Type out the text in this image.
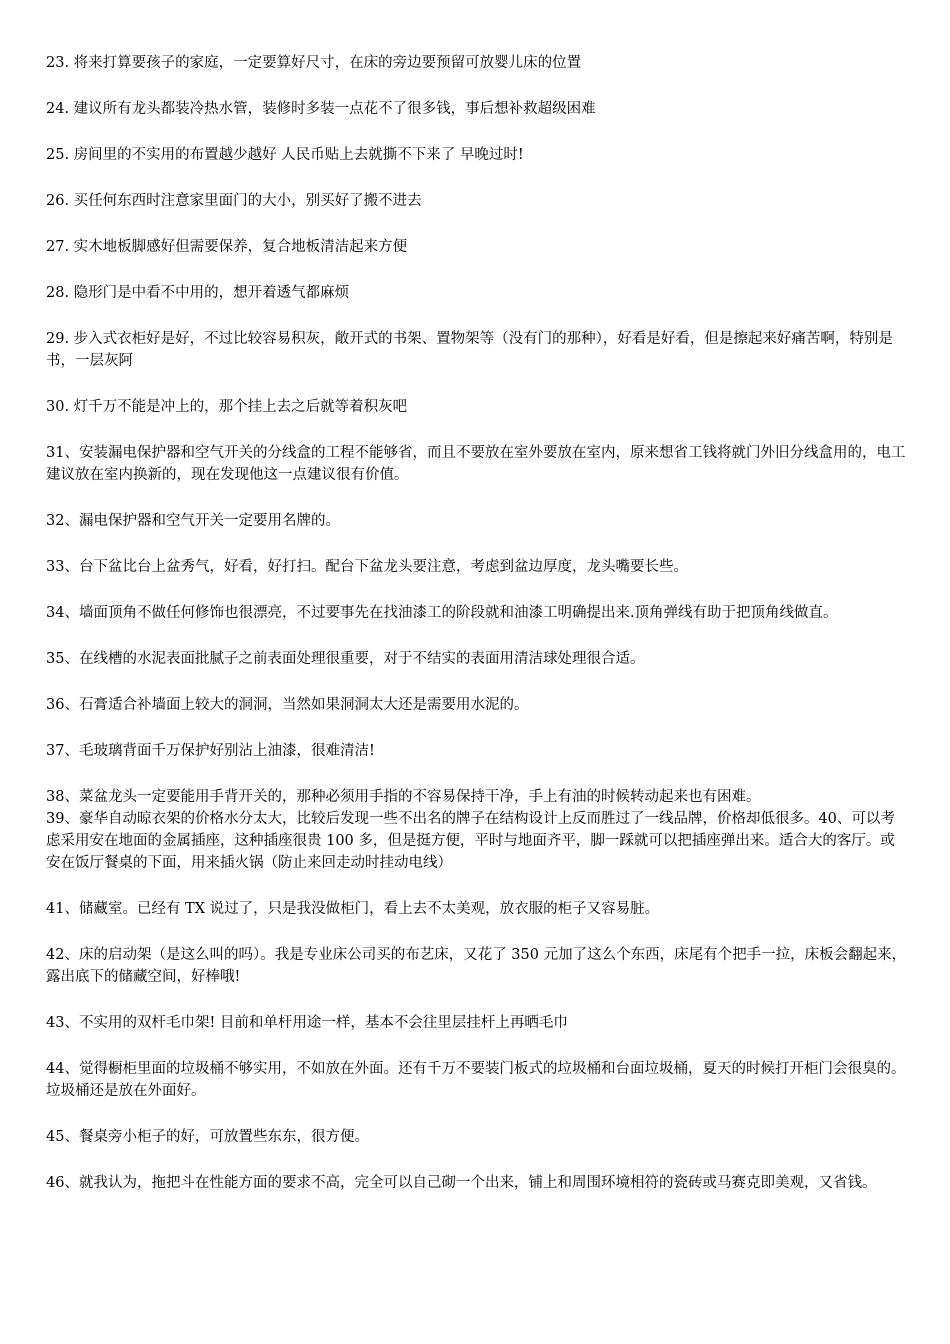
23. 将来打算要孩子的家庭，一定要算好尺寸，在床的旁边要预留可放婴儿床的位置

24. 建议所有龙头都装冷热水管，装修时多装一点花不了很多钱，事后想补救超级困难

25. 房间里的不实用的布置越少越好 人民币贴上去就撕不下来了 早晚过时!

26. 买任何东西时注意家里面门的大小，别买好了搬不进去

27. 实木地板脚感好但需要保养，复合地板清洁起来方便

28. 隐形门是中看不中用的，想开着透气都麻烦

29. 步入式衣柜好是好，不过比较容易积灰，敞开式的书架、置物架等（没有门的那种），好看是好看，但是擦起来好痛苦啊，特别是书，一层灰阿

30. 灯千万不能是冲上的，那个挂上去之后就等着积灰吧

31、安装漏电保护器和空气开关的分线盒的工程不能够省，而且不要放在室外要放在室内，原来想省工钱将就门外旧分线盒用的，电工建议放在室内换新的，现在发现他这一点建议很有价值。

32、漏电保护器和空气开关一定要用名牌的。

33、台下盆比台上盆秀气，好看，好打扫。配台下盆龙头要注意，考虑到盆边厚度，龙头嘴要长些。

34、墙面顶角不做任何修饰也很漂亮，不过要事先在找油漆工的阶段就和油漆工明确提出来.顶角弹线有助于把顶角线做直。

35、在线槽的水泥表面批腻子之前表面处理很重要，对于不结实的表面用清洁球处理很合适。

36、石膏适合补墙面上较大的洞洞，当然如果洞洞太大还是需要用水泥的。

37、毛玻璃背面千万保护好别沾上油漆，很难清洁!

38、菜盆龙头一定要能用手背开关的，那种必须用手指的不容易保持干净，手上有油的时候转动起来也有困难。

39、豪华自动晾衣架的价格水分太大，比较后发现一些不出名的牌子在结构设计上反而胜过了一线品牌，价格却低很多。40、可以考虑采用安在地面的金属插座，这种插座很贵 100 多，但是挺方便，平时与地面齐平，脚一踩就可以把插座弹出来。适合大的客厅。或安在饭厅餐桌的下面，用来插火锅（防止来回走动时挂动电线）

41、储藏室。已经有 TX 说过了，只是我没做柜门，看上去不太美观，放衣服的柜子又容易脏。

42、床的启动架（是这么叫的吗）。我是专业床公司买的布艺床，又花了 350 元加了这么个东西，床尾有个把手一拉，床板会翻起来，露出底下的储藏空间，好棒哦!

43、不实用的双杆毛巾架! 目前和单杆用途一样，基本不会往里层挂杆上再晒毛巾

44、觉得橱柜里面的垃圾桶不够实用，不如放在外面。还有千万不要装门板式的垃圾桶和台面垃圾桶，夏天的时候打开柜门会很臭的。垃圾桶还是放在外面好。

45、餐桌旁小柜子的好，可放置些东东，很方便。

46、就我认为，拖把斗在性能方面的要求不高，完全可以自己砌一个出来，铺上和周围环境相符的瓷砖或马赛克即美观，又省钱。
